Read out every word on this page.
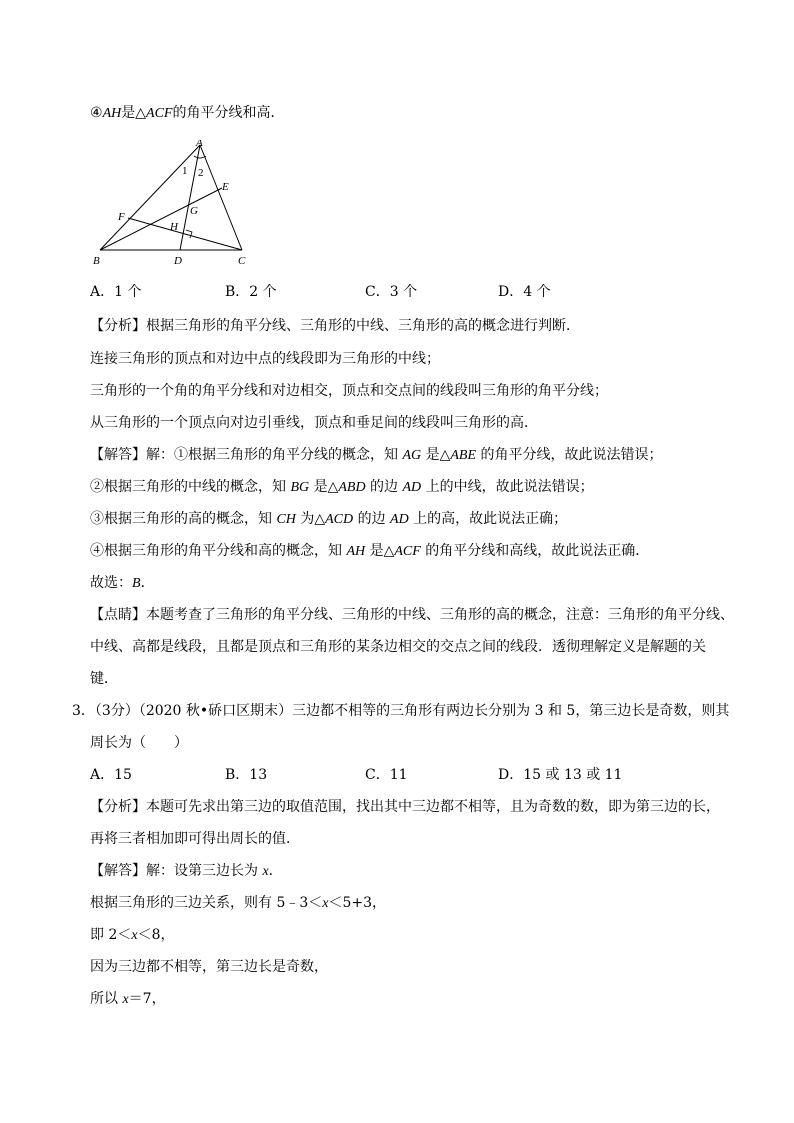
④AH是△ACF的角平分线和高．
A
B	C
D
E
F	G
H
1 2
A．1 个	B．2 个	C．3 个	D．4 个
【分析】根据三角形的角平分线、三角形的中线、三角形的高的概念进行判断．
连接三角形的顶点和对边中点的线段即为三角形的中线；
三角形的一个角的角平分线和对边相交，顶点和交点间的线段叫三角形的角平分线；
从三角形的一个顶点向对边引垂线，顶点和垂足间的线段叫三角形的高．
【解答】解：①根据三角形的角平分线的概念，知 AG 是△ABE 的角平分线，故此说法错误；
②根据三角形的中线的概念，知 BG 是△ABD 的边 AD 上的中线，故此说法错误；
③根据三角形的高的概念，知 CH 为△ACD 的边 AD 上的高，故此说法正确；
④根据三角形的角平分线和高的概念，知 AH 是△ACF 的角平分线和高线，故此说法正确．
故选：B．
【点睛】本题考查了三角形的角平分线、三角形的中线、三角形的高的概念，注意：三角形的角平分线、
中线、高都是线段，且都是顶点和三角形的某条边相交的交点之间的线段．透彻理解定义是解题的关
键．
3．（3分）（2020 秋•硚口区期末）三边都不相等的三角形有两边长分别为 3 和 5，第三边长是奇数，则其
周长为（　　）
A．15	B．13	C．11	D．15 或 13 或 11
【分析】本题可先求出第三边的取值范围，找出其中三边都不相等，且为奇数的数，即为第三边的长，
再将三者相加即可得出周长的值．
【解答】解：设第三边长为 x．
根据三角形的三边关系，则有 5﹣3＜x＜5+3，
即 2＜x＜8，
因为三边都不相等，第三边长是奇数，
所以 x＝7，
